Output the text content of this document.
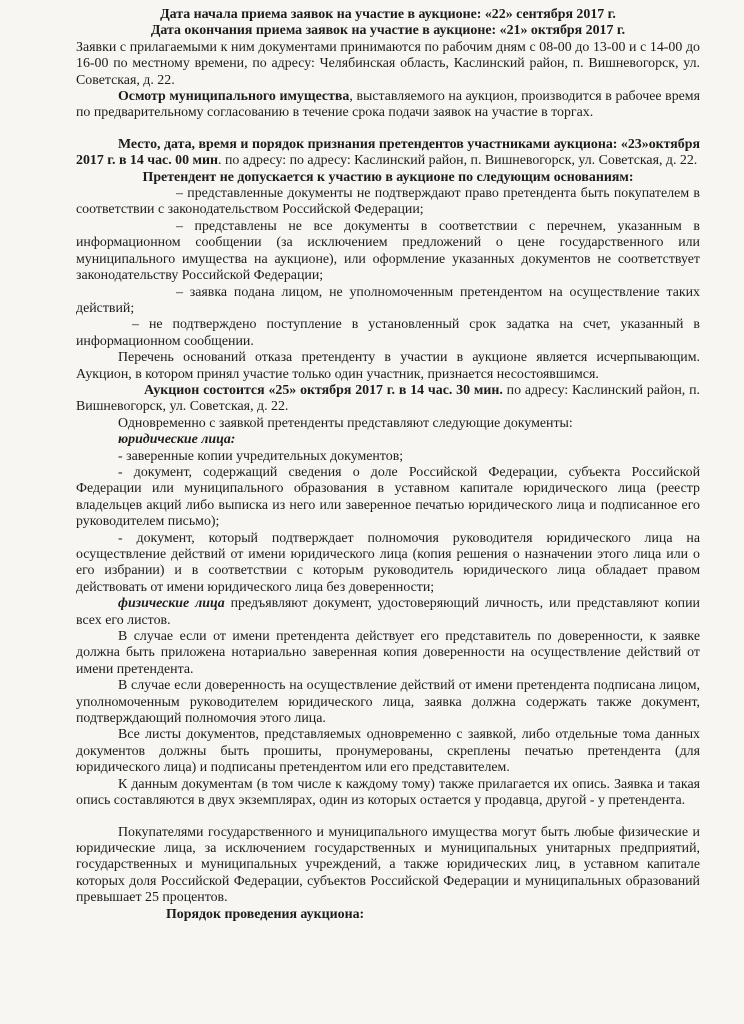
Дата начала приема заявок на участие в аукционе: «22» сентября 2017 г.

Дата окончания приема заявок на участие в аукционе: «21» октября 2017 г.

Заявки с прилагаемыми к ним документами принимаются по рабочим дням с 08-00 до 13-00 и с 14-00 до 16-00 по местному времени, по адресу: Челябинская область, Каслинский район, п. Вишневогорск, ул. Советская, д. 22.

Осмотр муниципального имущества, выставляемого на аукцион, производится в рабочее время по предварительному согласованию в течение срока подачи заявок на участие в торгах.

Место, дата, время и порядок признания претендентов участниками аукциона: «23»октября 2017 г. в 14 час. 00 мин. по адресу: по адресу: Каслинский район, п. Вишневогорск, ул. Советская, д. 22.

Претендент не допускается к участию в аукционе по следующим основаниям:

– представленные документы не подтверждают право претендента быть покупателем в соответствии с законодательством Российской Федерации;

– представлены не все документы в соответствии с перечнем, указанным в информационном сообщении (за исключением предложений о цене государственного или муниципального имущества на аукционе), или оформление указанных документов не соответствует законодательству Российской Федерации;

– заявка подана лицом, не уполномоченным претендентом на осуществление таких действий;

– не подтверждено поступление в установленный срок задатка на счет, указанный в информационном сообщении.

Перечень оснований отказа претенденту в участии в аукционе является исчерпывающим. Аукцион, в котором принял участие только один участник, признается несостоявшимся.

Аукцион состоится «25» октября 2017 г. в 14 час. 30 мин. по адресу: Каслинский район, п. Вишневогорск, ул. Советская, д. 22.

Одновременно с заявкой претенденты представляют следующие документы:

юридические лица:

- заверенные копии учредительных документов;

- документ, содержащий сведения о доле Российской Федерации, субъекта Российской Федерации или муниципального образования в уставном капитале юридического лица (реестр владельцев акций либо выписка из него или заверенное печатью юридического лица и подписанное его руководителем письмо);

- документ, который подтверждает полномочия руководителя юридического лица на осуществление действий от имени юридического лица (копия решения о назначении этого лица или о его избрании) и в соответствии с которым руководитель юридического лица обладает правом действовать от имени юридического лица без доверенности;

физические лица предъявляют документ, удостоверяющий личность, или представляют копии всех его листов.

В случае если от имени претендента действует его представитель по доверенности, к заявке должна быть приложена нотариально заверенная копия доверенности на осуществление действий от имени претендента.

В случае если доверенность на осуществление действий от имени претендента подписана лицом, уполномоченным руководителем юридического лица, заявка должна содержать также документ, подтверждающий полномочия этого лица.

Все листы документов, представляемых одновременно с заявкой, либо отдельные тома данных документов должны быть прошиты, пронумерованы, скреплены печатью претендента (для юридического лица) и подписаны претендентом или его представителем.

К данным документам (в том числе к каждому тому) также прилагается их опись. Заявка и такая опись составляются в двух экземплярах, один из которых остается у продавца, другой - у претендента.

Покупателями государственного и муниципального имущества могут быть любые физические и юридические лица, за исключением государственных и муниципальных унитарных предприятий, государственных и муниципальных учреждений, а также юридических лиц, в уставном капитале которых доля Российской Федерации, субъектов Российской Федерации и муниципальных образований превышает 25 процентов.

Порядок проведения аукциона:
